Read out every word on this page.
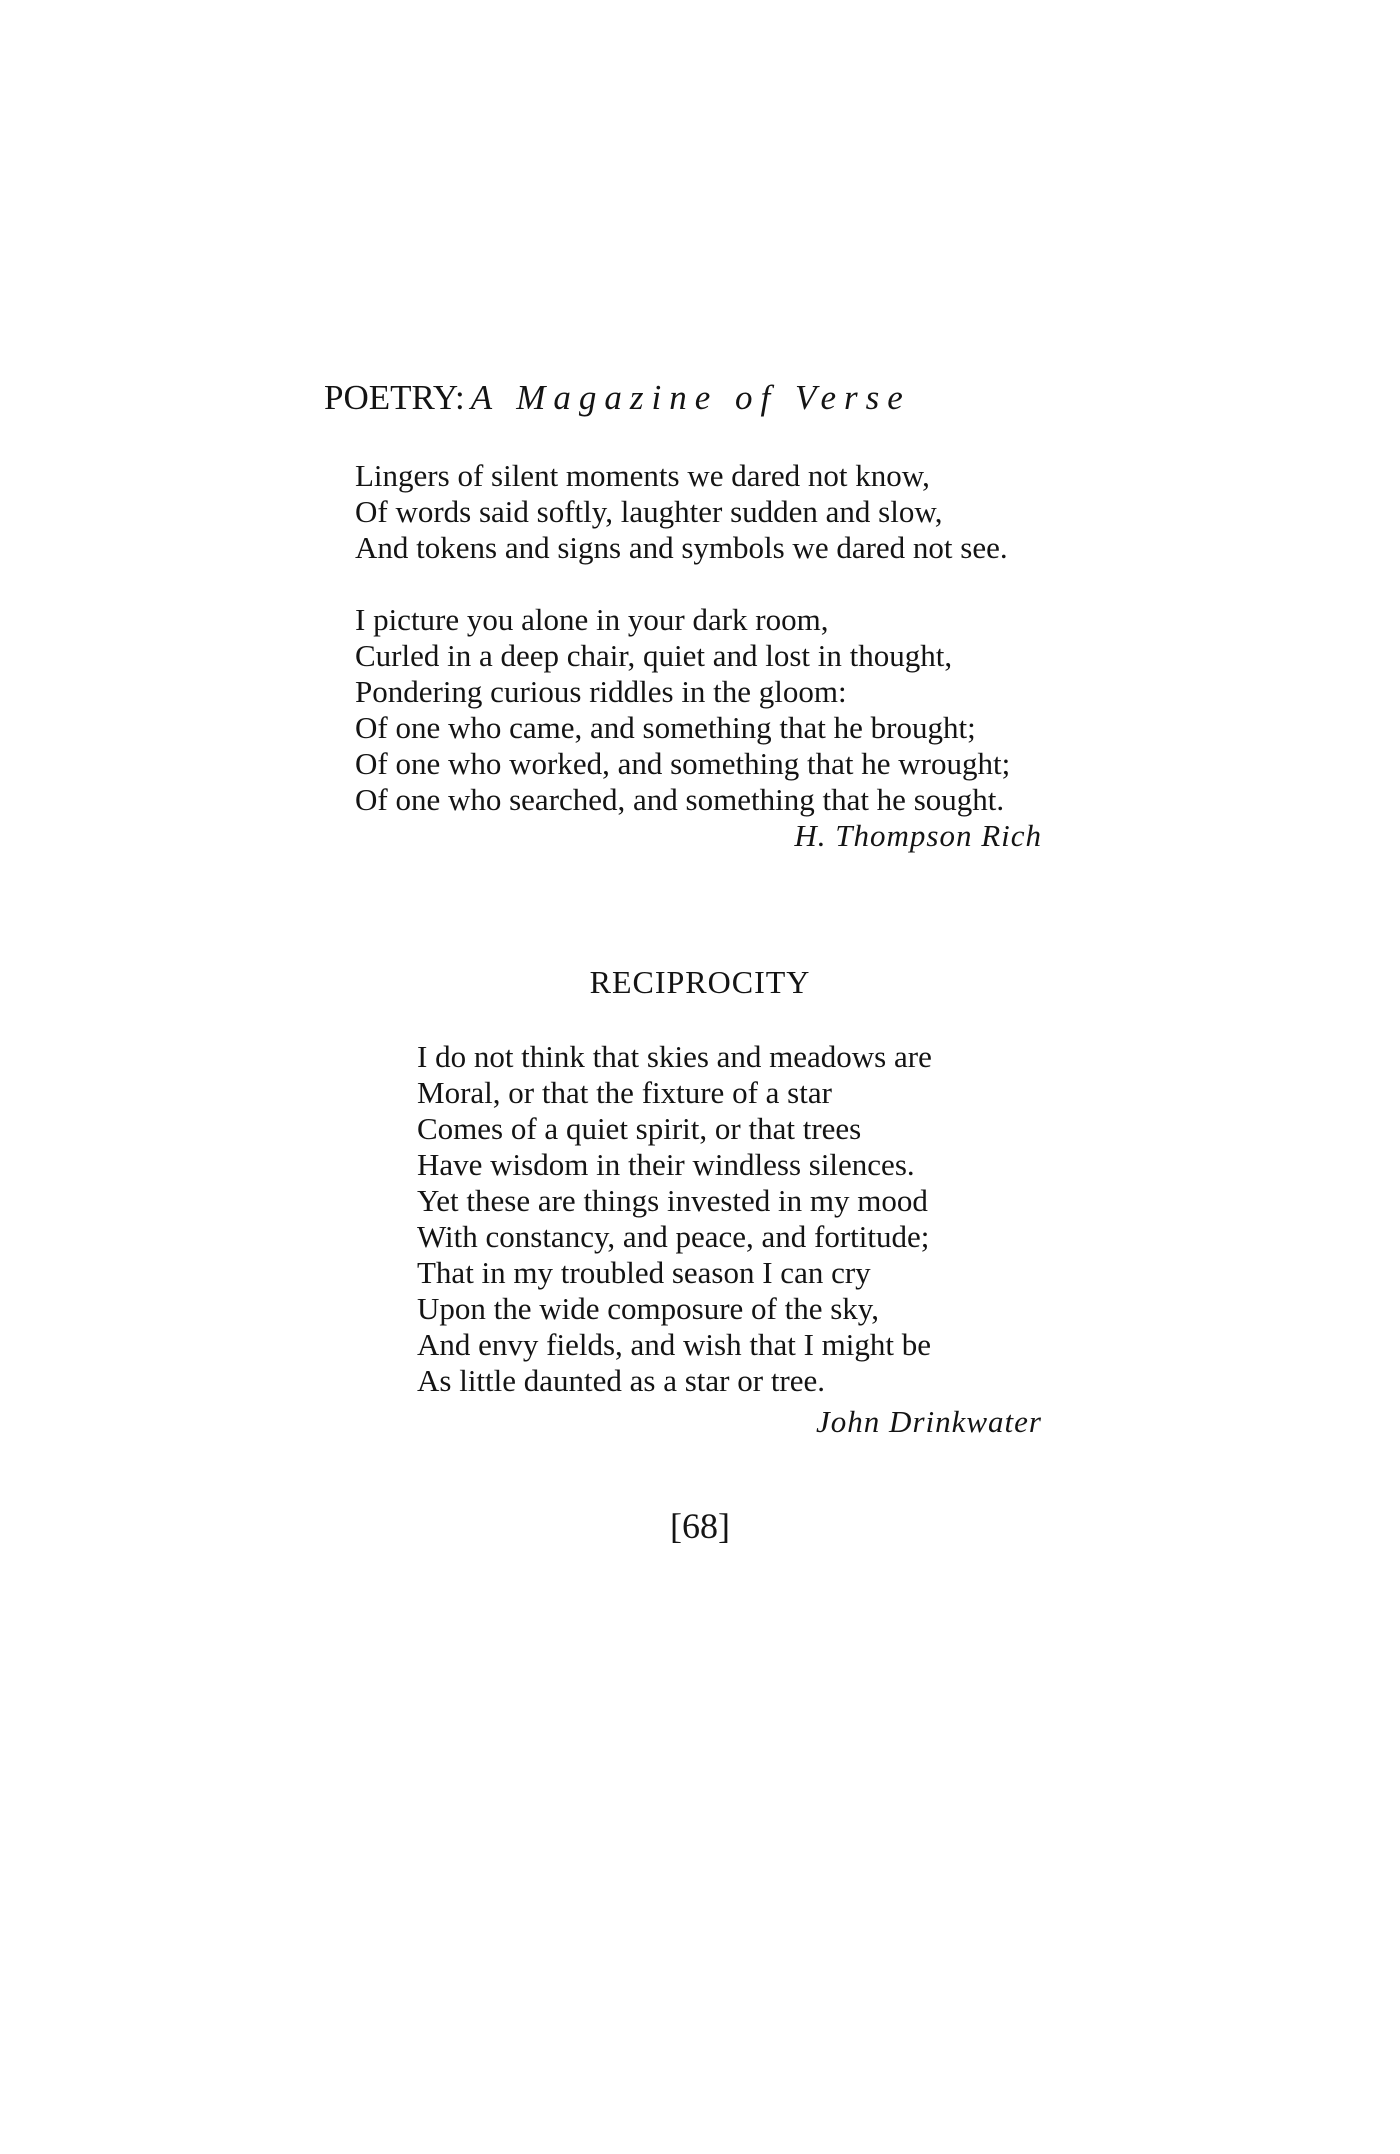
POETRY: A Magazine of Verse
Lingers of silent moments we dared not know,
Of words said softly, laughter sudden and slow,
And tokens and signs and symbols we dared not see.
I picture you alone in your dark room,
Curled in a deep chair, quiet and lost in thought,
Pondering curious riddles in the gloom:
Of one who came, and something that he brought;
Of one who worked, and something that he wrought;
Of one who searched, and something that he sought.
H. Thompson Rich
RECIPROCITY
I do not think that skies and meadows are
Moral, or that the fixture of a star
Comes of a quiet spirit, or that trees
Have wisdom in their windless silences.
Yet these are things invested in my mood
With constancy, and peace, and fortitude;
That in my troubled season I can cry
Upon the wide composure of the sky,
And envy fields, and wish that I might be
As little daunted as a star or tree.
John Drinkwater
[68]
